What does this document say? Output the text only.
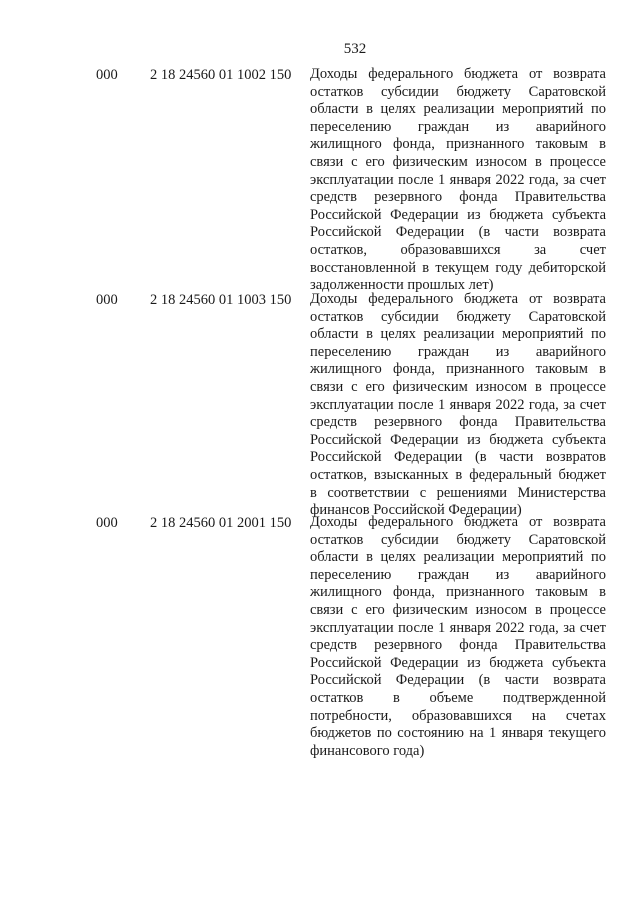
532
000 2 18 24560 01 1002 150 Доходы федерального бюджета от возврата
остатков субсидии бюджету Саратовской
области в целях реализации мероприятий по
переселению граждан из аварийного
жилищного фонда, признанного таковым в
связи с его физическим износом в процессе
эксплуатации после 1 января 2022 года, за счет
средств резервного фонда Правительства
Российской Федерации из бюджета субъекта
Российской Федерации (в части возврата
остатков, образовавшихся за счет
восстановленной в текущем году дебиторской
задолженности прошлых лет)
000 2 18 24560 01 1003 150 Доходы федерального бюджета от возврата
остатков субсидии бюджету Саратовской
области в целях реализации мероприятий по
переселению граждан из аварийного
жилищного фонда, признанного таковым в
связи с его физическим износом в процессе
эксплуатации после 1 января 2022 года, за счет
средств резервного фонда Правительства
Российской Федерации из бюджета субъекта
Российской Федерации (в части возвратов
остатков, взысканных в федеральный бюджет
в соответствии с решениями Министерства
финансов Российской Федерации)
000 2 18 24560 01 2001 150 Доходы федерального бюджета от возврата
остатков субсидии бюджету Саратовской
области в целях реализации мероприятий по
переселению граждан из аварийного
жилищного фонда, признанного таковым в
связи с его физическим износом в процессе
эксплуатации после 1 января 2022 года, за счет
средств резервного фонда Правительства
Российской Федерации из бюджета субъекта
Российской Федерации (в части возврата
остатков в объеме подтвержденной
потребности, образовавшихся на счетах
бюджетов по состоянию на 1 января текущего
финансового года)
